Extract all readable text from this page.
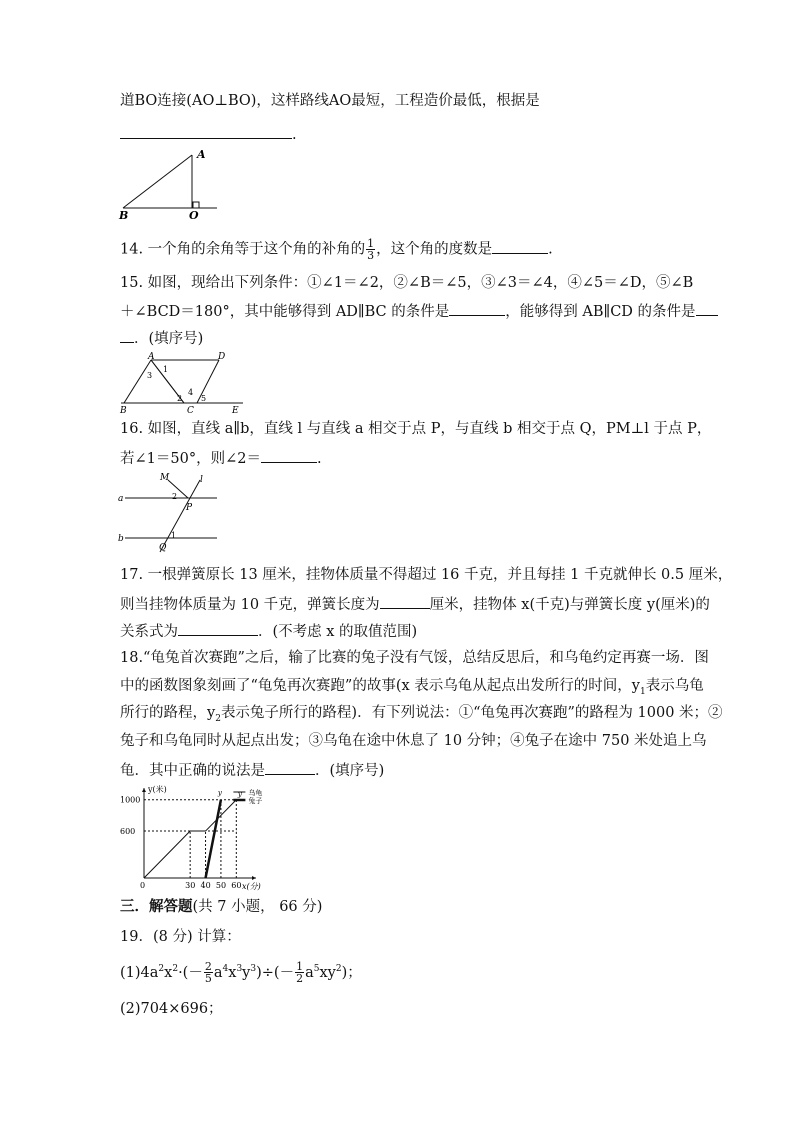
道BO连接(AO⊥BO)，这样路线AO最短，工程造价最低，根据是
.
A
B	O
14. 一个角的余角等于这个角的补角的 $\frac{1}{3}$ ，这个角的度数是	.
15. 如图，现给出下列条件：①∠1＝∠2，②∠B＝∠5，③∠3＝∠4，④∠5＝∠D，⑤∠B
＋∠BCD＝180°，其中能够得到 AD∥BC 的条件是	，能够得到 AB∥CD 的条件是
．(填序号)
A	D
B	C	E
1
3
2
4
5
16. 如图，直线 a∥b，直线 l 与直线 a 相交于点 P，与直线 b 相交于点 Q，PM⊥l 于点 P，
若∠1＝50°，则∠2＝	.
M	l
a
b
P
Q
2
1
17. 一根弹簧原长 13 厘米，挂物体质量不得超过 16 千克，并且每挂 1 千克就伸长 0.5 厘米，
则当挂物体质量为 10 千克，弹簧长度为	厘米，挂物体 x(千克)与弹簧长度 y(厘米)的
关系式为	．(不考虑 x 的取值范围)
18.“龟兔首次赛跑”之后，输了比赛的兔子没有气馁，总结反思后，和乌龟约定再赛一场．图
中的函数图象刻画了“龟兔再次赛跑”的故事(x 表示乌龟从起点出发所行的时间，$y_1$表示乌龟
所行的路程，$y_2$表示兔子所行的路程)．有下列说法：①“龟兔再次赛跑”的路程为 1000 米；②
兔子和乌龟同时从起点出发；③乌龟在途中休息了 10 分钟；④兔子在途中 750 米处追上乌
龟．其中正确的说法是	．(填序号)
y(米)
x(分)
0	30 40 50 60
600
1000
y
y	乌龟
兔子
三．解答题(共 7 小题， 66 分)
19．(8 分) 计算：
$(1)4a^2x^2\cdot(- \frac{2}{5} a^4x^3y^3)\div(- \frac{1}{2} a^5xy^2)$；
(2)704×696；
